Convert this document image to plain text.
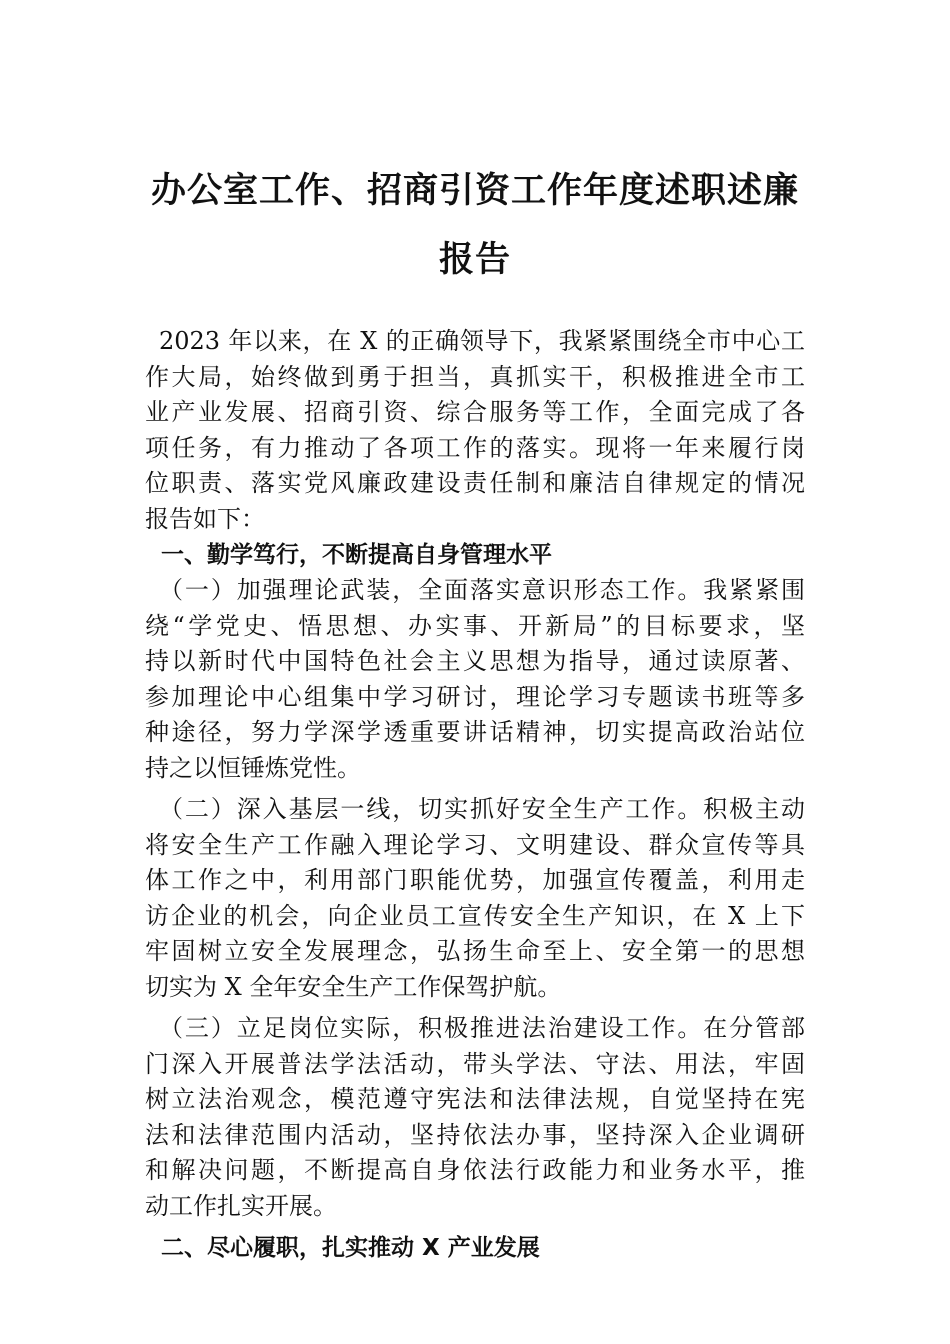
办公室工作、招商引资工作年度述职述廉
报告
2023 年以来，在 X 的正确领导下，我紧紧围绕全市中心工
作大局，始终做到勇于担当，真抓实干，积极推进全市工
业产业发展、招商引资、综合服务等工作，全面完成了各
项任务，有力推动了各项工作的落实。现将一年来履行岗
位职责、落实党风廉政建设责任制和廉洁自律规定的情况
报告如下：
一、勤学笃行，不断提高自身管理水平
（一）加强理论武装，全面落实意识形态工作。我紧紧围
绕“学党史、悟思想、办实事、开新局”的目标要求，坚
持以新时代中国特色社会主义思想为指导，通过读原著、
参加理论中心组集中学习研讨，理论学习专题读书班等多
种途径，努力学深学透重要讲话精神，切实提高政治站位
持之以恒锤炼党性。
（二）深入基层一线，切实抓好安全生产工作。积极主动
将安全生产工作融入理论学习、文明建设、群众宣传等具
体工作之中，利用部门职能优势，加强宣传覆盖，利用走
访企业的机会，向企业员工宣传安全生产知识，在 X 上下
牢固树立安全发展理念，弘扬生命至上、安全第一的思想
切实为 X 全年安全生产工作保驾护航。
（三）立足岗位实际，积极推进法治建设工作。在分管部
门深入开展普法学法活动，带头学法、守法、用法，牢固
树立法治观念，模范遵守宪法和法律法规，自觉坚持在宪
法和法律范围内活动，坚持依法办事，坚持深入企业调研
和解决问题，不断提高自身依法行政能力和业务水平，推
动工作扎实开展。
二、尽心履职，扎实推动 X 产业发展
